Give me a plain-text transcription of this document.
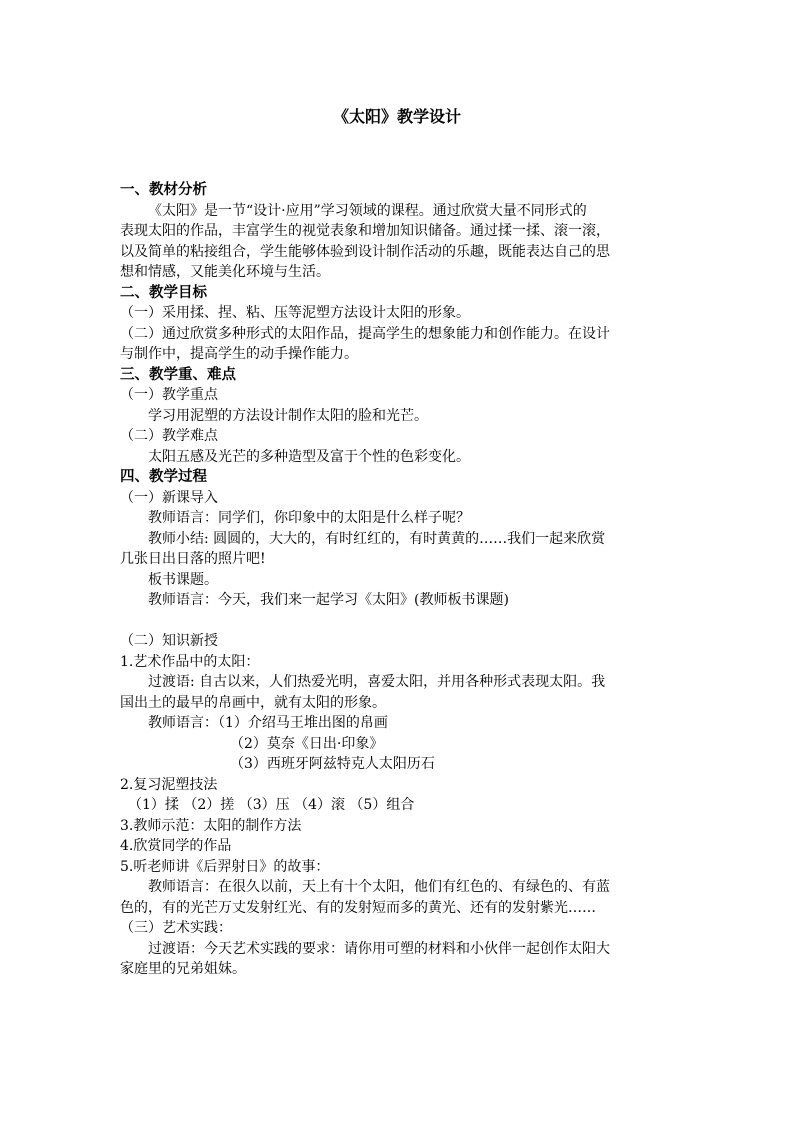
《太阳》教学设计

一、教材分析

《太阳》是一节“设计·应用”学习领域的课程。通过欣赏大量不同形式的

表现太阳的作品，丰富学生的视觉表象和增加知识储备。通过揉一揉、滚一滚，

以及简单的粘接组合，学生能够体验到设计制作活动的乐趣，既能表达自己的思

想和情感，又能美化环境与生活。

二、教学目标

（一）采用揉、捏、粘、压等泥塑方法设计太阳的形象。

（二）通过欣赏多种形式的太阳作品，提高学生的想象能力和创作能力。在设计

与制作中，提高学生的动手操作能力。

三、教学重、难点

（一）教学重点

学习用泥塑的方法设计制作太阳的脸和光芒。

（二）教学难点

太阳五感及光芒的多种造型及富于个性的色彩变化。

四、教学过程

（一）新课导入

教师语言：同学们，你印象中的太阳是什么样子呢？

教师小结: 圆圆的，大大的，有时红红的，有时黄黄的……我们一起来欣赏

几张日出日落的照片吧!

板书课题。

教师语言：今天，我们来一起学习《太阳》(教师板书课题)

（二）知识新授

1.艺术作品中的太阳：

过渡语: 自古以来，人们热爱光明，喜爱太阳，并用各种形式表现太阳。我

国出土的最早的帛画中，就有太阳的形象。

教师语言：（1）介绍马王堆出图的帛画

（2）莫奈《日出·印象》

（3）西班牙阿兹特克人太阳历石

2.复习泥塑技法

（1）揉 （2）搓 （3）压 （4）滚 （5）组合

3.教师示范：太阳的制作方法

4.欣赏同学的作品

5.听老师讲《后羿射日》的故事：

教师语言：在很久以前，天上有十个太阳，他们有红色的、有绿色的、有蓝

色的，有的光芒万丈发射红光、有的发射短而多的黄光、还有的发射紫光……

（三）艺术实践：

过渡语：今天艺术实践的要求：请你用可塑的材料和小伙伴一起创作太阳大

家庭里的兄弟姐妹。
